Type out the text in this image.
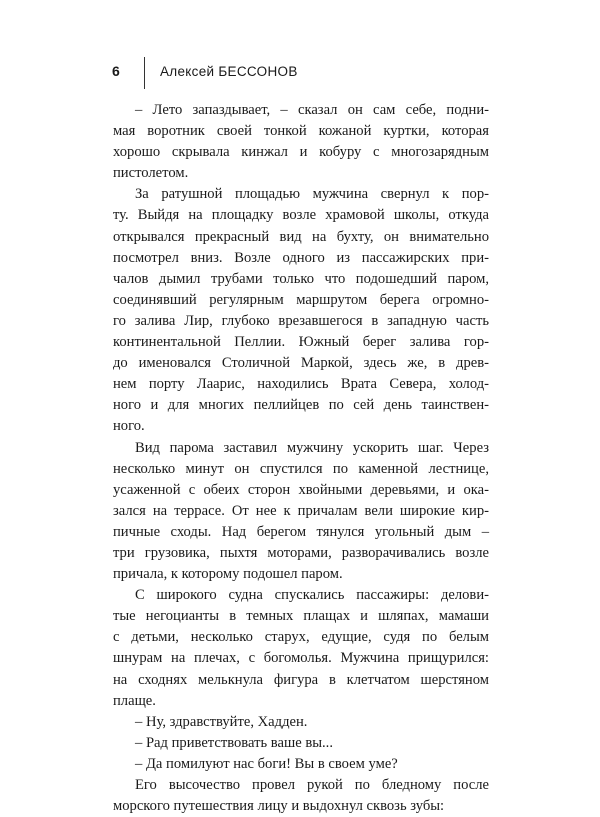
6	Алексей БЕССОНОВ
– Лето запаздывает, – сказал он сам себе, подни-
мая воротник своей тонкой кожаной куртки, которая
хорошо скрывала кинжал и кобуру с многозарядным
пистолетом.
За ратушной площадью мужчина свернул к пор-
ту. Выйдя на площадку возле храмовой школы, откуда
открывался прекрасный вид на бухту, он внимательно
посмотрел вниз. Возле одного из пассажирских при-
чалов дымил трубами только что подошедший паром,
соединявший регулярным маршрутом берега огромно-
го залива Лир, глубоко врезавшегося в западную часть
континентальной Пеллии. Южный берег залива гор-
до именовался Столичной Маркой, здесь же, в древ-
нем порту Лаарис, находились Врата Севера, холод-
ного и для многих пеллийцев по сей день таинствен-
ного.
Вид парома заставил мужчину ускорить шаг. Через
несколько минут он спустился по каменной лестнице,
усаженной с обеих сторон хвойными деревьями, и ока-
зался на террасе. От нее к причалам вели широкие кир-
пичные сходы. Над берегом тянулся угольный дым –
три грузовика, пыхтя моторами, разворачивались возле
причала, к которому подошел паром.
С широкого судна спускались пассажиры: делови-
тые негоцианты в темных плащах и шляпах, мамаши
с детьми, несколько старух, едущие, судя по белым
шнурам на плечах, с богомолья. Мужчина прищурился:
на сходнях мелькнула фигура в клетчатом шерстяном
плаще.
– Ну, здравствуйте, Хадден.
– Рад приветствовать ваше вы...
– Да помилуют нас боги! Вы в своем уме?
Его высочество провел рукой по бледному после
морского путешествия лицу и выдохнул сквозь зубы:
